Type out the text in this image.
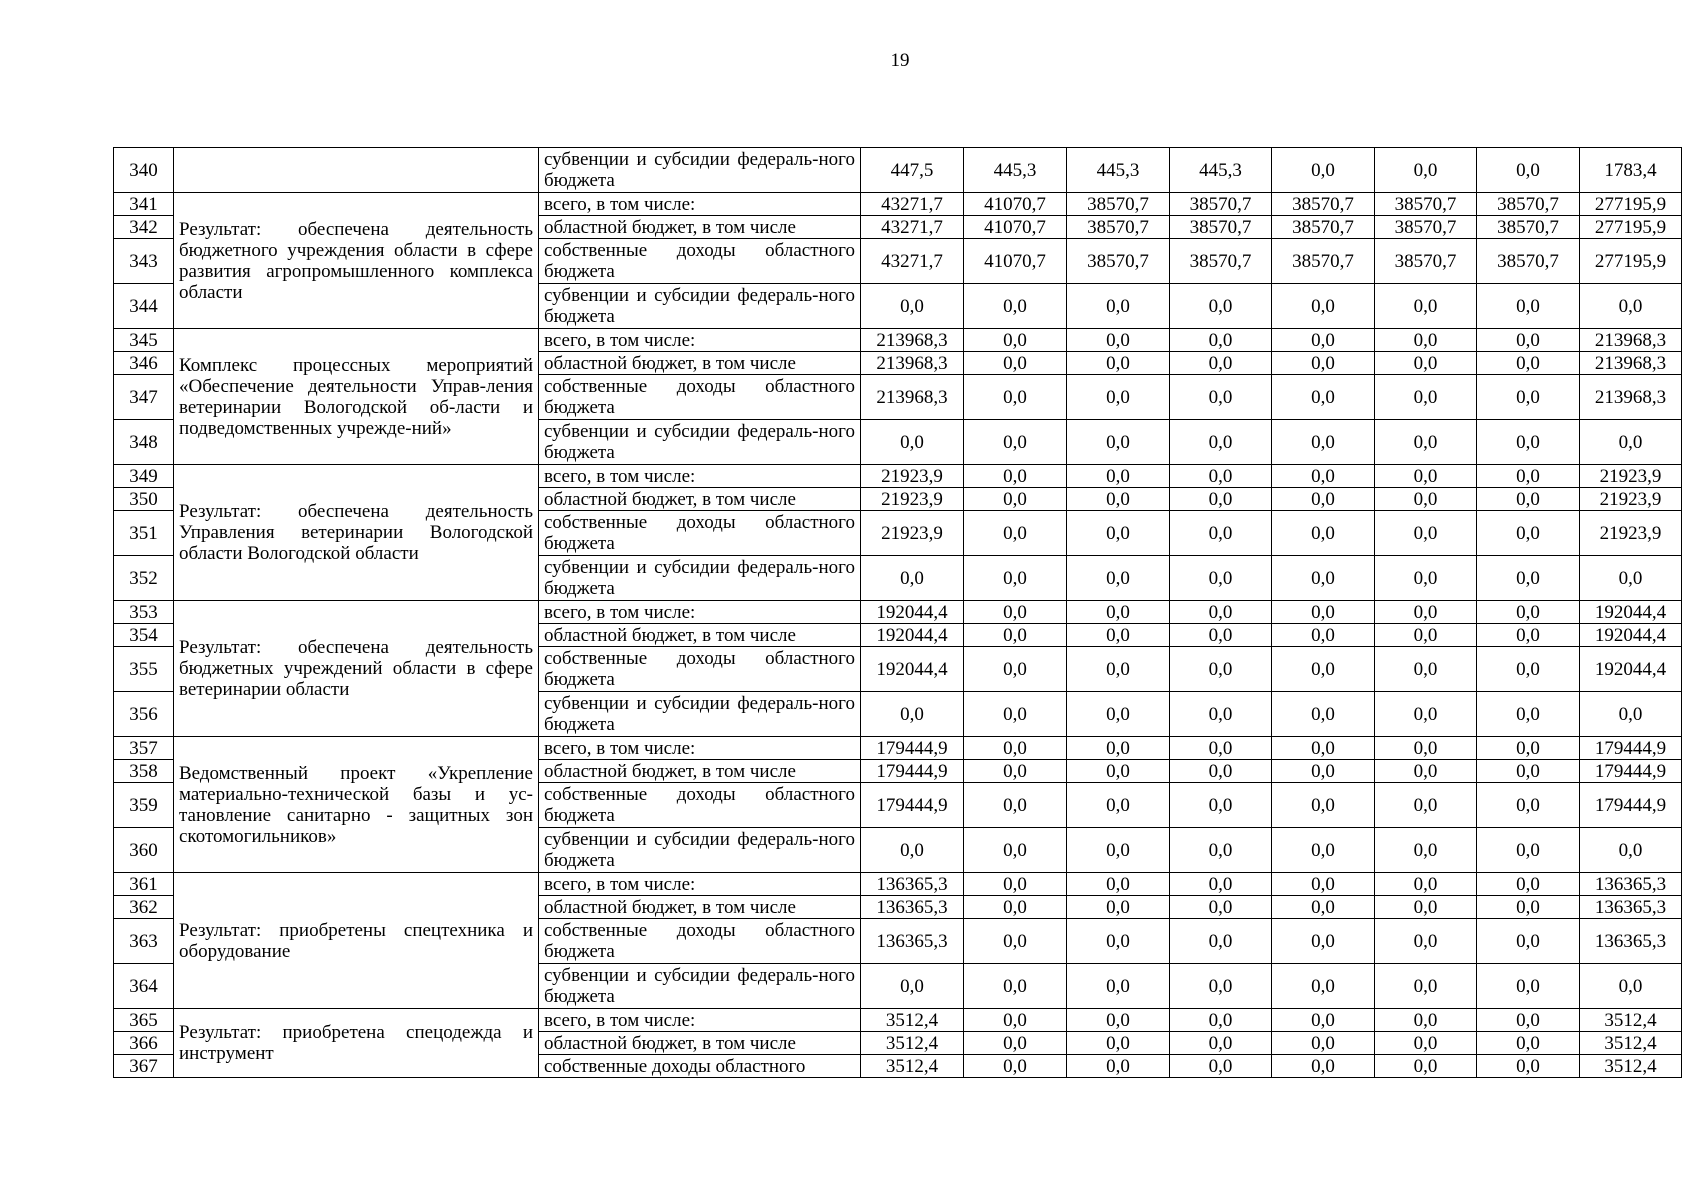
19
340		субвенции и субсидии федераль-ного бюджета	447,5	445,3	445,3	445,3	0,0	0,0	0,0	1783,4
341	Результат: обеспечена деятельность бюджетного учреждения области в сфере развития агропромышленного комплекса области	всего, в том числе:	43271,7	41070,7	38570,7	38570,7	38570,7	38570,7	38570,7	277195,9
342		областной бюджет, в том числе	43271,7	41070,7	38570,7	38570,7	38570,7	38570,7	38570,7	277195,9
343		собственные доходы областного бюджета	43271,7	41070,7	38570,7	38570,7	38570,7	38570,7	38570,7	277195,9
344		субвенции и субсидии федераль-ного бюджета	0,0	0,0	0,0	0,0	0,0	0,0	0,0	0,0
345	Комплекс процессных мероприятий «Обеспечение деятельности Управ-ления ветеринарии Вологодской об-ласти и подведомственных учрежде-ний»	всего, в том числе:	213968,3	0,0	0,0	0,0	0,0	0,0	0,0	213968,3
346		областной бюджет, в том числе	213968,3	0,0	0,0	0,0	0,0	0,0	0,0	213968,3
347		собственные доходы областного бюджета	213968,3	0,0	0,0	0,0	0,0	0,0	0,0	213968,3
348		субвенции и субсидии федераль-ного бюджета	0,0	0,0	0,0	0,0	0,0	0,0	0,0	0,0
349	Результат: обеспечена деятельность Управления ветеринарии Вологодской области Вологодской области	всего, в том числе:	21923,9	0,0	0,0	0,0	0,0	0,0	0,0	21923,9
350		областной бюджет, в том числе	21923,9	0,0	0,0	0,0	0,0	0,0	0,0	21923,9
351		собственные доходы областного бюджета	21923,9	0,0	0,0	0,0	0,0	0,0	0,0	21923,9
352		субвенции и субсидии федераль-ного бюджета	0,0	0,0	0,0	0,0	0,0	0,0	0,0	0,0
353	Результат: обеспечена деятельность бюджетных учреждений области в сфере ветеринарии области	всего, в том числе:	192044,4	0,0	0,0	0,0	0,0	0,0	0,0	192044,4
354		областной бюджет, в том числе	192044,4	0,0	0,0	0,0	0,0	0,0	0,0	192044,4
355		собственные доходы областного бюджета	192044,4	0,0	0,0	0,0	0,0	0,0	0,0	192044,4
356		субвенции и субсидии федераль-ного бюджета	0,0	0,0	0,0	0,0	0,0	0,0	0,0	0,0
357	Ведомственный проект «Укрепление материально-технической базы и ус-тановление санитарно - защитных зон скотомогильников»	всего, в том числе:	179444,9	0,0	0,0	0,0	0,0	0,0	0,0	179444,9
358		областной бюджет, в том числе	179444,9	0,0	0,0	0,0	0,0	0,0	0,0	179444,9
359		собственные доходы областного бюджета	179444,9	0,0	0,0	0,0	0,0	0,0	0,0	179444,9
360		субвенции и субсидии федераль-ного бюджета	0,0	0,0	0,0	0,0	0,0	0,0	0,0	0,0
361	Результат: приобретены спецтехника и оборудование	всего, в том числе:	136365,3	0,0	0,0	0,0	0,0	0,0	0,0	136365,3
362		областной бюджет, в том числе	136365,3	0,0	0,0	0,0	0,0	0,0	0,0	136365,3
363		собственные доходы областного бюджета	136365,3	0,0	0,0	0,0	0,0	0,0	0,0	136365,3
364		субвенции и субсидии федераль-ного бюджета	0,0	0,0	0,0	0,0	0,0	0,0	0,0	0,0
365	Результат: приобретена спецодежда и инструмент	всего, в том числе:	3512,4	0,0	0,0	0,0	0,0	0,0	0,0	3512,4
366		областной бюджет, в том числе	3512,4	0,0	0,0	0,0	0,0	0,0	0,0	3512,4
367		собственные доходы областного	3512,4	0,0	0,0	0,0	0,0	0,0	0,0	3512,4
